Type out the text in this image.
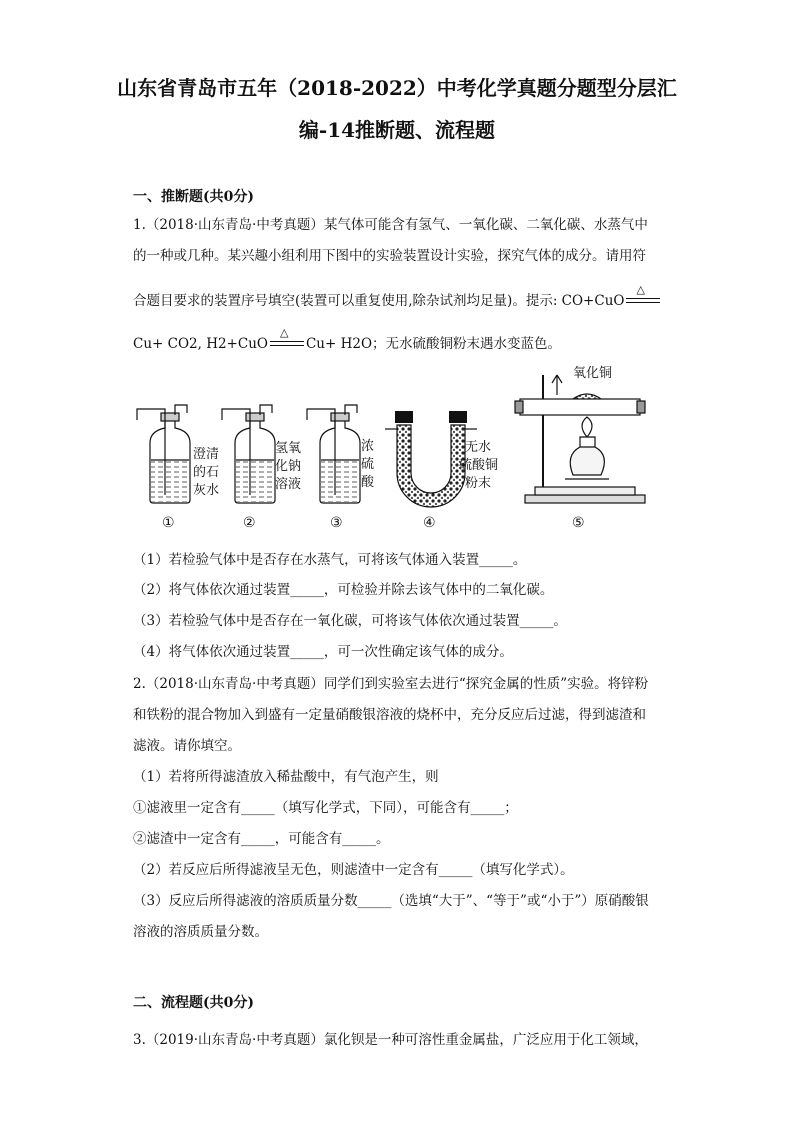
山东省青岛市五年（2018-2022）中考化学真题分题型分层汇
编-14推断题、流程题
一、推断题(共0分)
1.（2018·山东青岛·中考真题）某气体可能含有氢气、一氧化碳、二氧化碳、水蒸气中
的一种或几种。某兴趣小组利用下图中的实验装置设计实验，探究气体的成分。请用符
合题目要求的装置序号填空(装置可以重复使用,除杂试剂均足量)。提示: CO+CuO
△
Cu+ CO2, H2+CuO
△
Cu+ H2O；无水硫酸铜粉末遇水变蓝色。
澄清
的石
灰水
氢氧
化钠
溶液
浓
硫
酸
无水
硫酸铜
粉末
氧化铜
①	②	③	④	⑤
（1）若检验气体中是否存在水蒸气，可将该气体通入装置_____。
（2）将气体依次通过装置_____，可检验并除去该气体中的二氧化碳。
（3）若检验气体中是否存在一氧化碳，可将该气体依次通过装置_____。
（4）将气体依次通过装置_____，可一次性确定该气体的成分。
2.（2018·山东青岛·中考真题）同学们到实验室去进行“探究金属的性质”实验。将锌粉
和铁粉的混合物加入到盛有一定量硝酸银溶液的烧杯中，充分反应后过滤，得到滤渣和
滤液。请你填空。
（1）若将所得滤渣放入稀盐酸中，有气泡产生，则
①滤液里一定含有_____（填写化学式，下同），可能含有_____；
②滤渣中一定含有_____，可能含有_____。
（2）若反应后所得滤液呈无色，则滤渣中一定含有_____（填写化学式）。
（3）反应后所得滤液的溶质质量分数_____（选填“大于”、“等于”或“小于”）原硝酸银
溶液的溶质质量分数。
二、流程题(共0分)
3.（2019·山东青岛·中考真题）氯化钡是一种可溶性重金属盐，广泛应用于化工领域，
